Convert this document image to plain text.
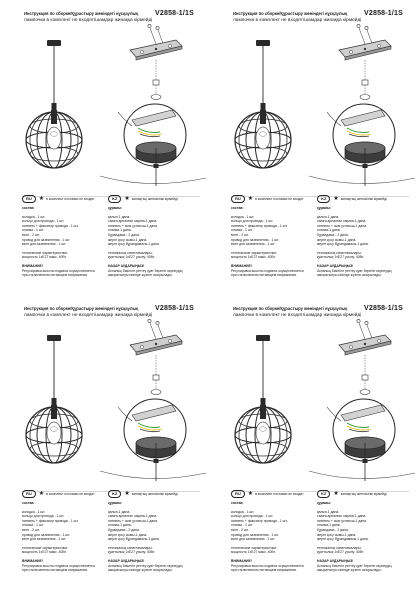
Инструкция по сборке/Құрастыру жөніндегі нұсқаулық V2858-1/1S
лампочки в комплект не входят/шамдар жинаққа кірмейді
RU	★ в комплект поставки не входит
состав:
колодка - 1 шт.
кольцо для провода - 1 шт.
ниппель + фиксатор провода - 1 шт.
планка - 1 шт.
винт - 2 шт.
провод для заземления - 1 шт.
винт для заземления - 1 шт.
технические характеристики:
мощность 1хЕ27 макс. 40Вт.
ВНИМАНИЕ!
Регулировка высоты подвеса осуществляется
при отключенном питающем напряжении.
KZ	★ жинақтың жеткізілімі кірмейді
құрамы:
қалып-1 дана.
сымға арналған сақина-1 дана.
ниппель + сым ұстағыш-1 дана.
планка-1 дана.
бұрандама - 2 дана.
жерге қосу сымы-1 дана.
жерге қосу бұрандамасы-1 дана.
техникалық сипаттамалары:
қуаттылық 1хЕ27 ұсыну. 40Вт.
НАЗАР АУДАРЫҢЫЗ!
Аспаның биіктігін реттеу қуат беретін кернеудің
ажыратылуы кезінде жүзеге асырылады.
Инструкция по сборке/Құрастыру жөніндегі нұсқаулық V2858-1/1S
лампочки в комплект не входят/шамдар жинаққа кірмейді
RU	★ в комплект поставки не входит
состав:
колодка - 1 шт.
кольцо для провода - 1 шт.
ниппель + фиксатор провода - 1 шт.
планка - 1 шт.
винт - 2 шт.
провод для заземления - 1 шт.
винт для заземления - 1 шт.
технические характеристики:
мощность 1хЕ27 макс. 40Вт.
ВНИМАНИЕ!
Регулировка высоты подвеса осуществляется
при отключенном питающем напряжении.
KZ	★ жинақтың жеткізілімі кірмейді
құрамы:
қалып-1 дана.
сымға арналған сақина-1 дана.
ниппель + сым ұстағыш-1 дана.
планка-1 дана.
бұрандама - 2 дана.
жерге қосу сымы-1 дана.
жерге қосу бұрандамасы-1 дана.
техникалық сипаттамалары:
қуаттылық 1хЕ27 ұсыну. 40Вт.
НАЗАР АУДАРЫҢЫЗ!
Аспаның биіктігін реттеу қуат беретін кернеудің
ажыратылуы кезінде жүзеге асырылады.
Инструкция по сборке/Құрастыру жөніндегі нұсқаулық V2858-1/1S
лампочки в комплект не входят/шамдар жинаққа кірмейді
RU	★ в комплект поставки не входит
состав:
колодка - 1 шт.
кольцо для провода - 1 шт.
ниппель + фиксатор провода - 1 шт.
планка - 1 шт.
винт - 2 шт.
провод для заземления - 1 шт.
винт для заземления - 1 шт.
технические характеристики:
мощность 1хЕ27 макс. 40Вт.
ВНИМАНИЕ!
Регулировка высоты подвеса осуществляется
при отключенном питающем напряжении.
KZ	★ жинақтың жеткізілімі кірмейді
құрамы:
қалып-1 дана.
сымға арналған сақина-1 дана.
ниппель + сым ұстағыш-1 дана.
планка-1 дана.
бұрандама - 2 дана.
жерге қосу сымы-1 дана.
жерге қосу бұрандамасы-1 дана.
техникалық сипаттамалары:
қуаттылық 1хЕ27 ұсыну. 40Вт.
НАЗАР АУДАРЫҢЫЗ!
Аспаның биіктігін реттеу қуат беретін кернеудің
ажыратылуы кезінде жүзеге асырылады.
Инструкция по сборке/Құрастыру жөніндегі нұсқаулық V2858-1/1S
лампочки в комплект не входят/шамдар жинаққа кірмейді
RU	★ в комплект поставки не входит
состав:
колодка - 1 шт.
кольцо для провода - 1 шт.
ниппель + фиксатор провода - 1 шт.
планка - 1 шт.
винт - 2 шт.
провод для заземления - 1 шт.
винт для заземления - 1 шт.
технические характеристики:
мощность 1хЕ27 макс. 40Вт.
ВНИМАНИЕ!
Регулировка высоты подвеса осуществляется
при отключенном питающем напряжении.
KZ	★ жинақтың жеткізілімі кірмейді
құрамы:
қалып-1 дана.
сымға арналған сақина-1 дана.
ниппель + сым ұстағыш-1 дана.
планка-1 дана.
бұрандама - 2 дана.
жерге қосу сымы-1 дана.
жерге қосу бұрандамасы-1 дана.
техникалық сипаттамалары:
қуаттылық 1хЕ27 ұсыну. 40Вт.
НАЗАР АУДАРЫҢЫЗ!
Аспаның биіктігін реттеу қуат беретін кернеудің
ажыратылуы кезінде жүзеге асырылады.
